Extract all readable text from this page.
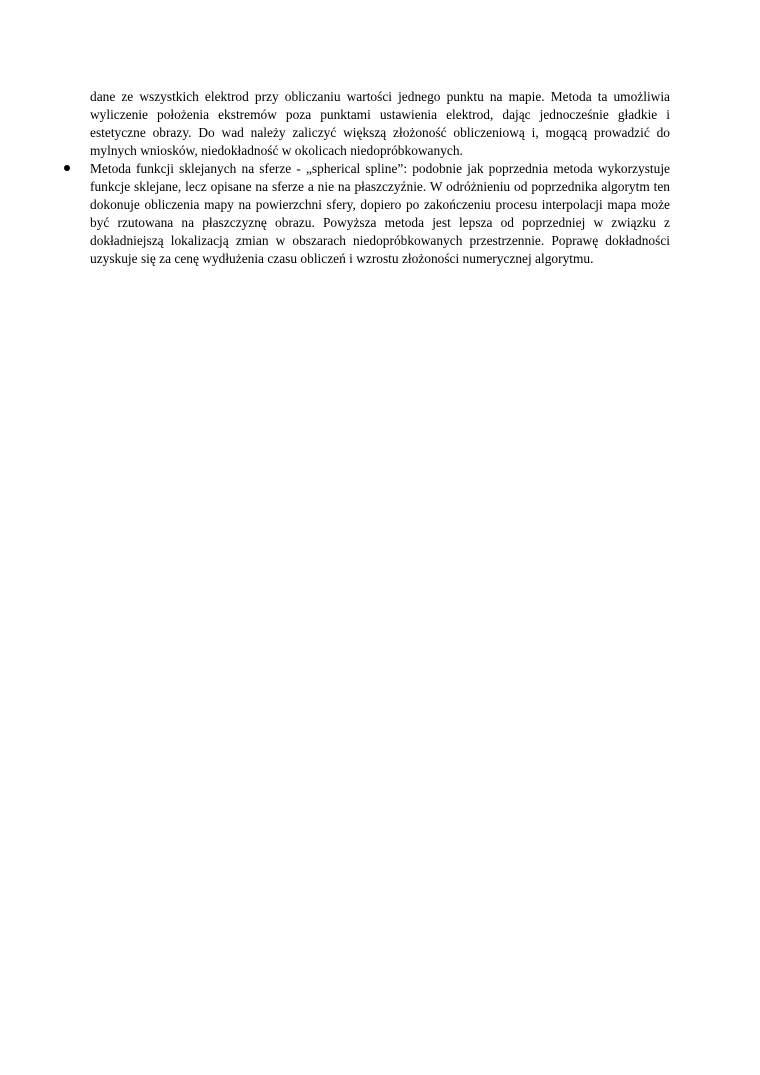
dane ze wszystkich elektrod przy obliczaniu wartości jednego punktu na mapie. Metoda ta umożliwia wyliczenie położenia ekstremów poza punktami ustawienia elektrod, dając jednocześnie gładkie i estetyczne obrazy. Do wad należy zaliczyć większą złożoność obliczeniową i, mogącą prowadzić do mylnych wniosków, niedokładność w okolicach niedopróbkowanych.

Metoda funkcji sklejanych na sferze - „spherical spline”: podobnie jak poprzednia metoda wykorzystuje funkcje sklejane, lecz opisane na sferze a nie na płaszczyźnie. W odróżnieniu od poprzednika algorytm ten dokonuje obliczenia mapy na powierzchni sfery, dopiero po zakończeniu procesu interpolacji mapa może być rzutowana na płaszczyznę obrazu. Powyższa metoda jest lepsza od poprzedniej w związku z dokładniejszą lokalizacją zmian w obszarach niedopróbkowanych przestrzennie. Poprawę dokładności uzyskuje się za cenę wydłużenia czasu obliczeń i wzrostu złożoności numerycznej algorytmu.
